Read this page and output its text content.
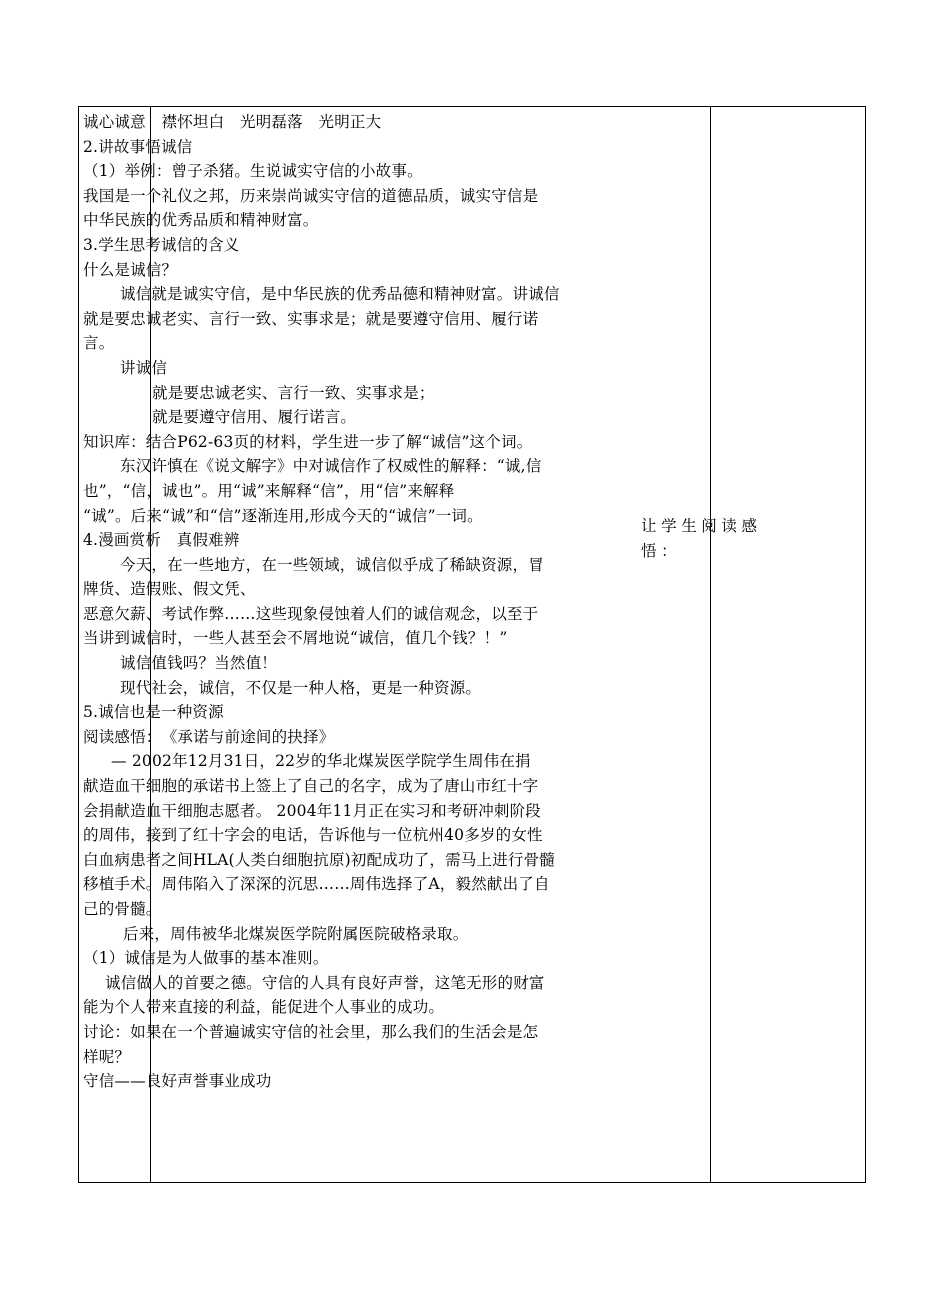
诚心诚意　襟怀坦白　光明磊落　光明正大

2.讲故事悟诚信

（1）举例：曾子杀猪。生说诚实守信的小故事。

我国是一个礼仪之邦，历来崇尚诚实守信的道德品质，诚实守信是

中华民族的优秀品质和精神财富。

3.学生思考诚信的含义

什么是诚信？

诚信就是诚实守信，是中华民族的优秀品德和精神财富。讲诚信

就是要忠诚老实、言行一致、实事求是；就是要遵守信用、履行诺

言。

讲诚信

就是要忠诚老实、言行一致、实事求是；

就是要遵守信用、履行诺言。

知识库：结合P62-63页的材料，学生进一步了解“诚信”这个词。

东汉许慎在《说文解字》中对诚信作了权威性的解释：“诚,信

也”，“信，诚也”。用“诚”来解释“信”，用“信”来解释

“诚”。后来“诚”和“信”逐渐连用,形成今天的“诚信”一词。

4.漫画赏析　真假难辨

今天，在一些地方，在一些领域，诚信似乎成了稀缺资源，冒

牌货、造假账、假文凭、

恶意欠薪、考试作弊……这些现象侵蚀着人们的诚信观念，以至于

当讲到诚信时，一些人甚至会不屑地说“诚信，值几个钱？！”

诚信值钱吗？当然值！

现代社会，诚信，不仅是一种人格，更是一种资源。

5.诚信也是一种资源

阅读感悟：　《承诺与前途间的抉择》

— 2002年12月31日，22岁的华北煤炭医学院学生周伟在捐

献造血干细胞的承诺书上签上了自己的名字，成为了唐山市红十字

会捐献造血干细胞志愿者。 2004年11月正在实习和考研冲刺阶段

的周伟，接到了红十字会的电话，告诉他与一位杭州40多岁的女性

白血病患者之间HLA(人类白细胞抗原)初配成功了，需马上进行骨髓

移植手术。周伟陷入了深深的沉思……周伟选择了A，毅然献出了自

己的骨髓。

后来，周伟被华北煤炭医学院附属医院破格录取。

（1）诚信是为人做事的基本准则。

诚信做人的首要之德。守信的人具有良好声誉，这笔无形的财富

能为个人带来直接的利益，能促进个人事业的成功。

讨论：如果在一个普遍诚实守信的社会里，那么我们的生活会是怎

样呢？

守信——良好声誉事业成功

让学生阅读感

悟：
